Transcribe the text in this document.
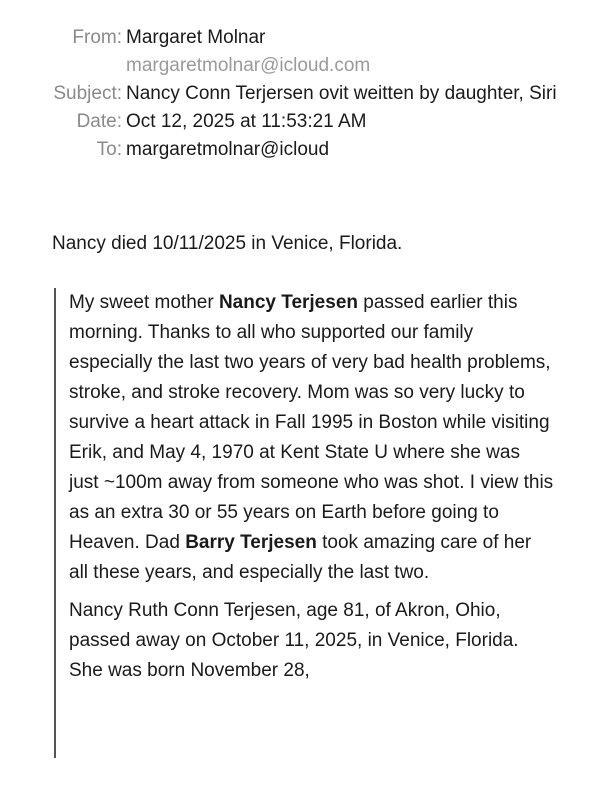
From: Margaret Molnar
margaretmolnar@icloud.com
Subject: Nancy Conn Terjersen ovit weitten by daughter, Siri
Date: Oct 12, 2025 at 11:53:21 AM
To: margaretmolnar@icloud
Nancy died 10/11/2025 in Venice, Florida.

My sweet mother Nancy Terjesen passed earlier this morning. Thanks to all who supported our family especially the last two years of very bad health problems, stroke, and stroke recovery. Mom was so very lucky to survive a heart attack in Fall 1995 in Boston while visiting Erik, and May 4, 1970 at Kent State U where she was just ~100m away from someone who was shot. I view this as an extra 30 or 55 years on Earth before going to Heaven. Dad Barry Terjesen took amazing care of her all these years, and especially the last two.

Nancy Ruth Conn Terjesen, age 81, of Akron, Ohio, passed away on October 11, 2025, in Venice, Florida. She was born November 28,
